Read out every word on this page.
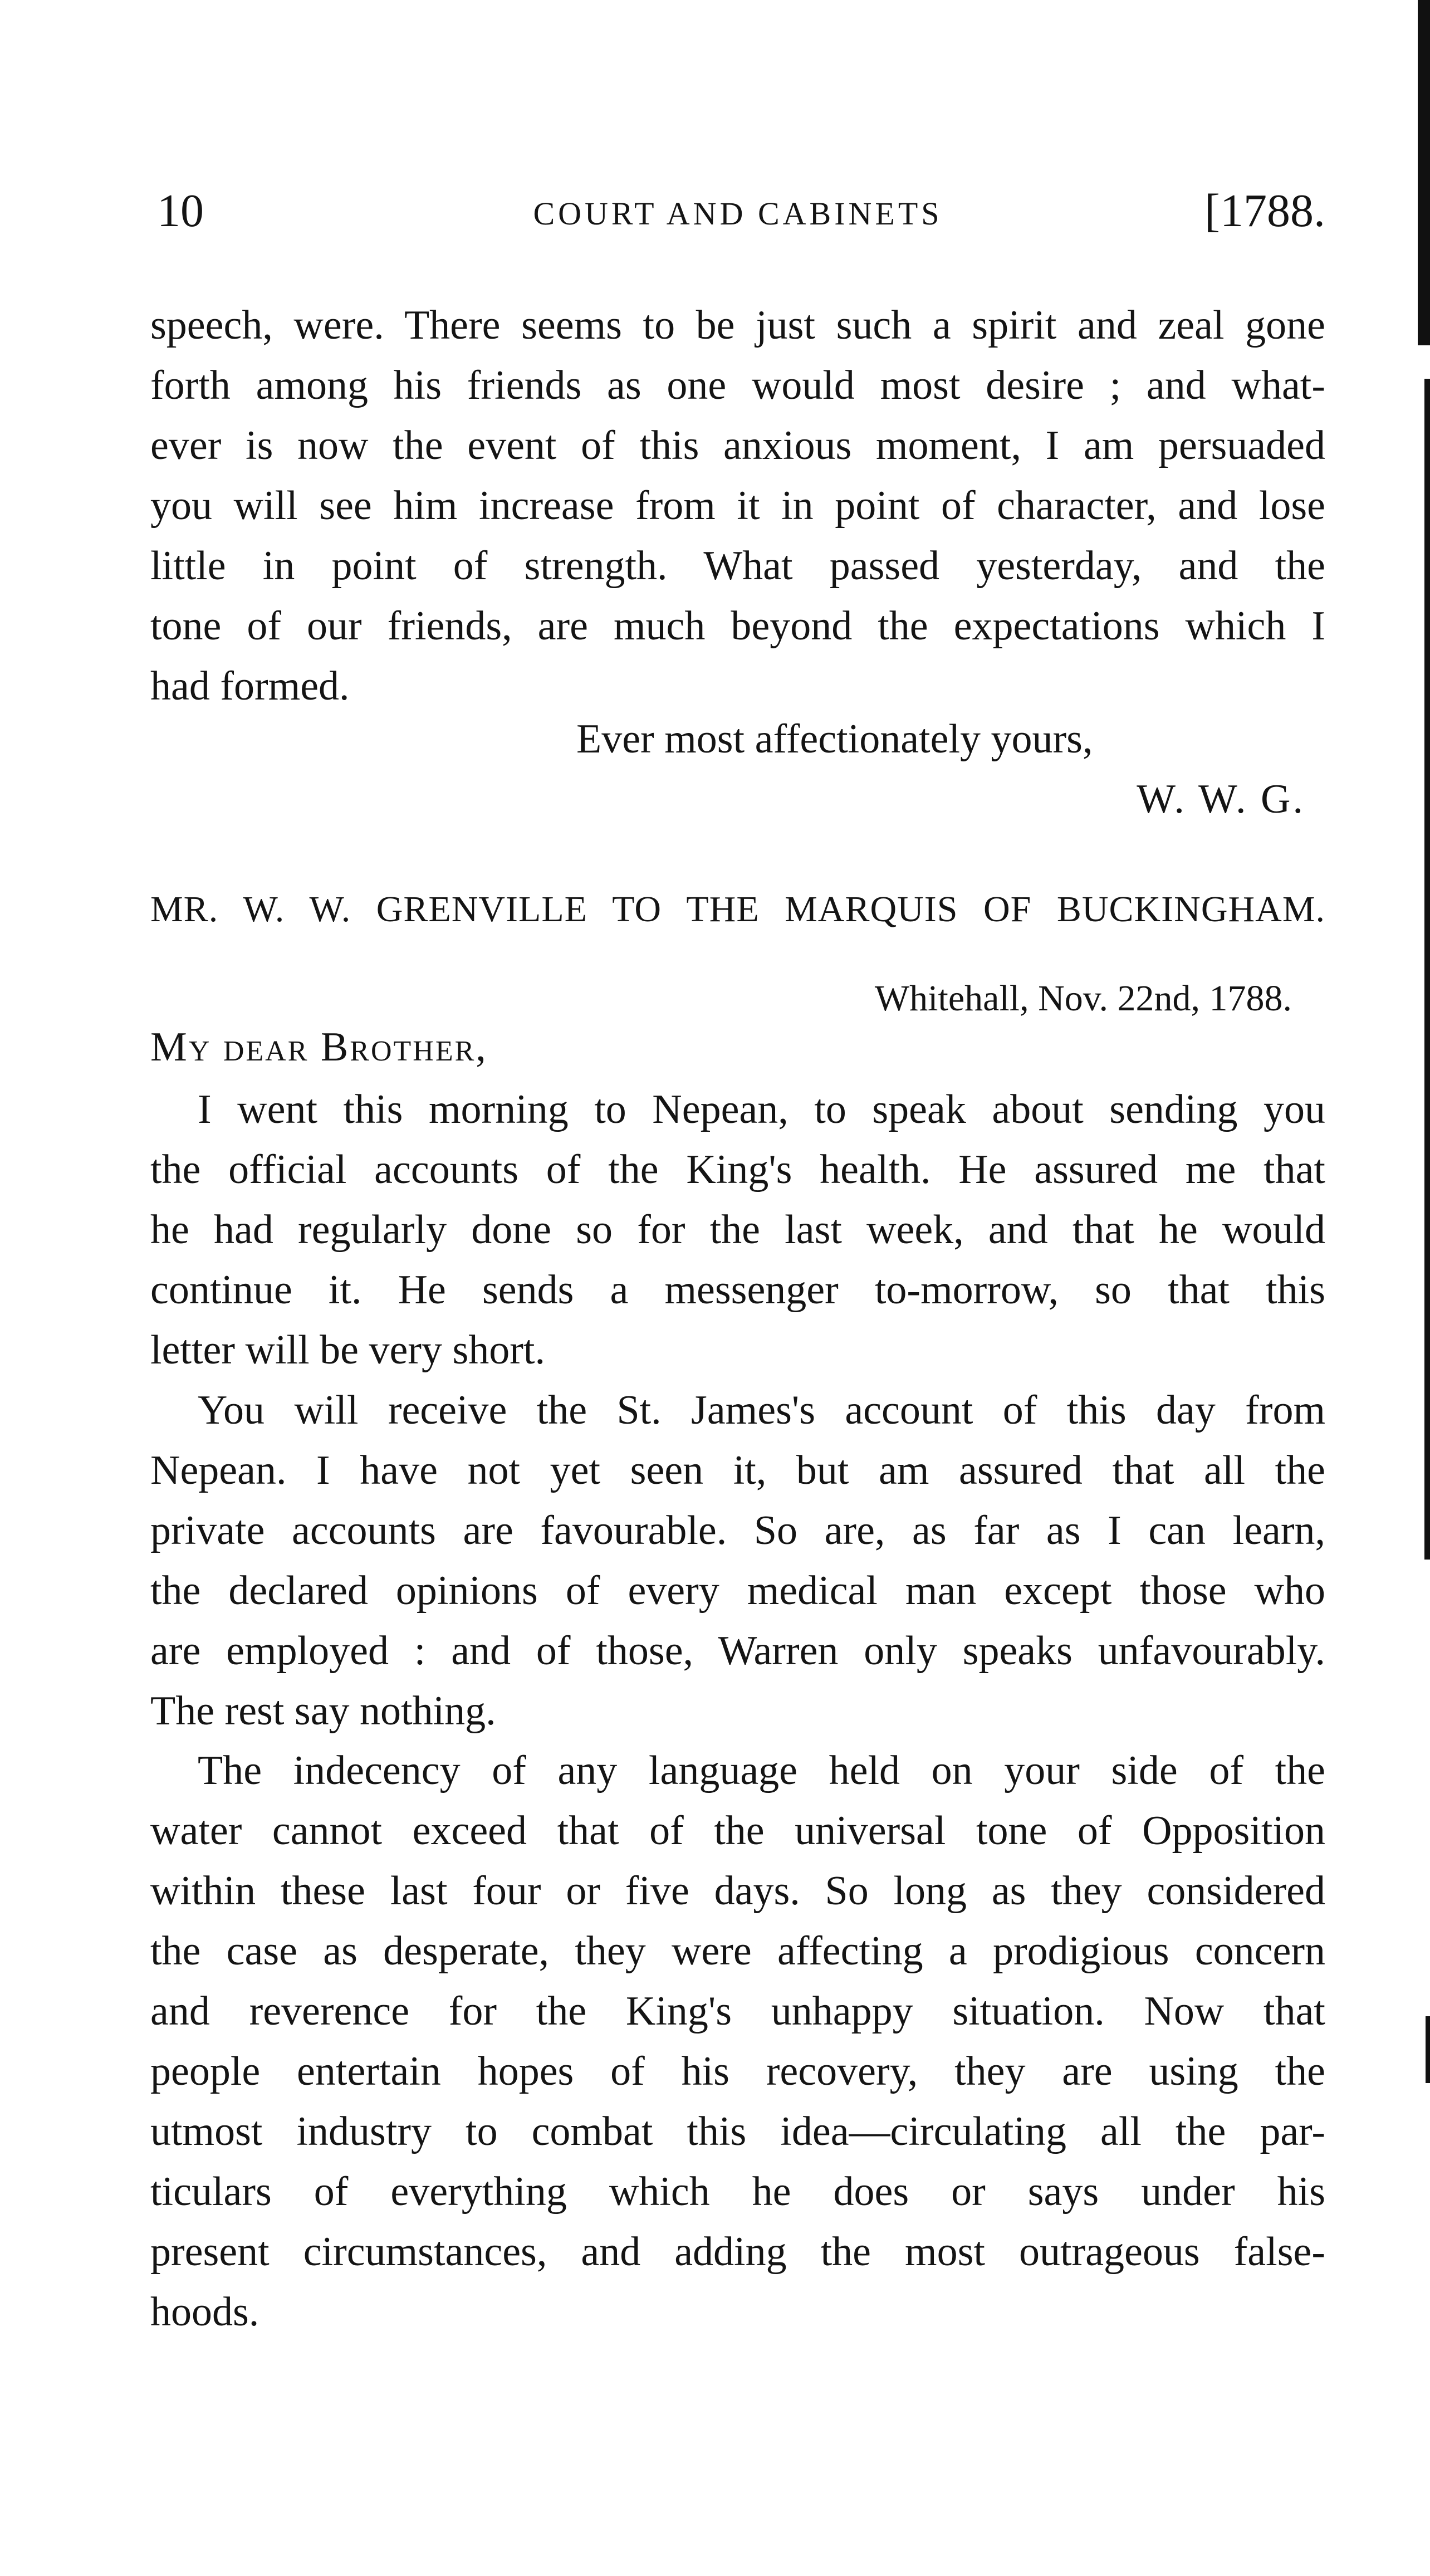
10	COURT AND CABINETS	[1788.
speech, were. There seems to be just such a spirit and zeal gone
forth among his friends as one would most desire ; and what-
ever is now the event of this anxious moment, I am persuaded
you will see him increase from it in point of character, and lose
little in point of strength. What passed yesterday, and the
tone of our friends, are much beyond the expectations which I
had formed.
Ever most affectionately yours,
W. W. G.
MR. W. W. GRENVILLE TO THE MARQUIS OF BUCKINGHAM.
Whitehall, Nov. 22nd, 1788.
My dear Brother,
I went this morning to Nepean, to speak about sending you
the official accounts of the King's health. He assured me that
he had regularly done so for the last week, and that he would
continue it. He sends a messenger to-morrow, so that this
letter will be very short.
You will receive the St. James's account of this day from
Nepean. I have not yet seen it, but am assured that all the
private accounts are favourable. So are, as far as I can learn,
the declared opinions of every medical man except those who
are employed : and of those, Warren only speaks unfavourably.
The rest say nothing.
The indecency of any language held on your side of the
water cannot exceed that of the universal tone of Opposition
within these last four or five days. So long as they considered
the case as desperate, they were affecting a prodigious concern
and reverence for the King's unhappy situation. Now that
people entertain hopes of his recovery, they are using the
utmost industry to combat this idea—circulating all the par-
ticulars of everything which he does or says under his
present circumstances, and adding the most outrageous false-
hoods.
